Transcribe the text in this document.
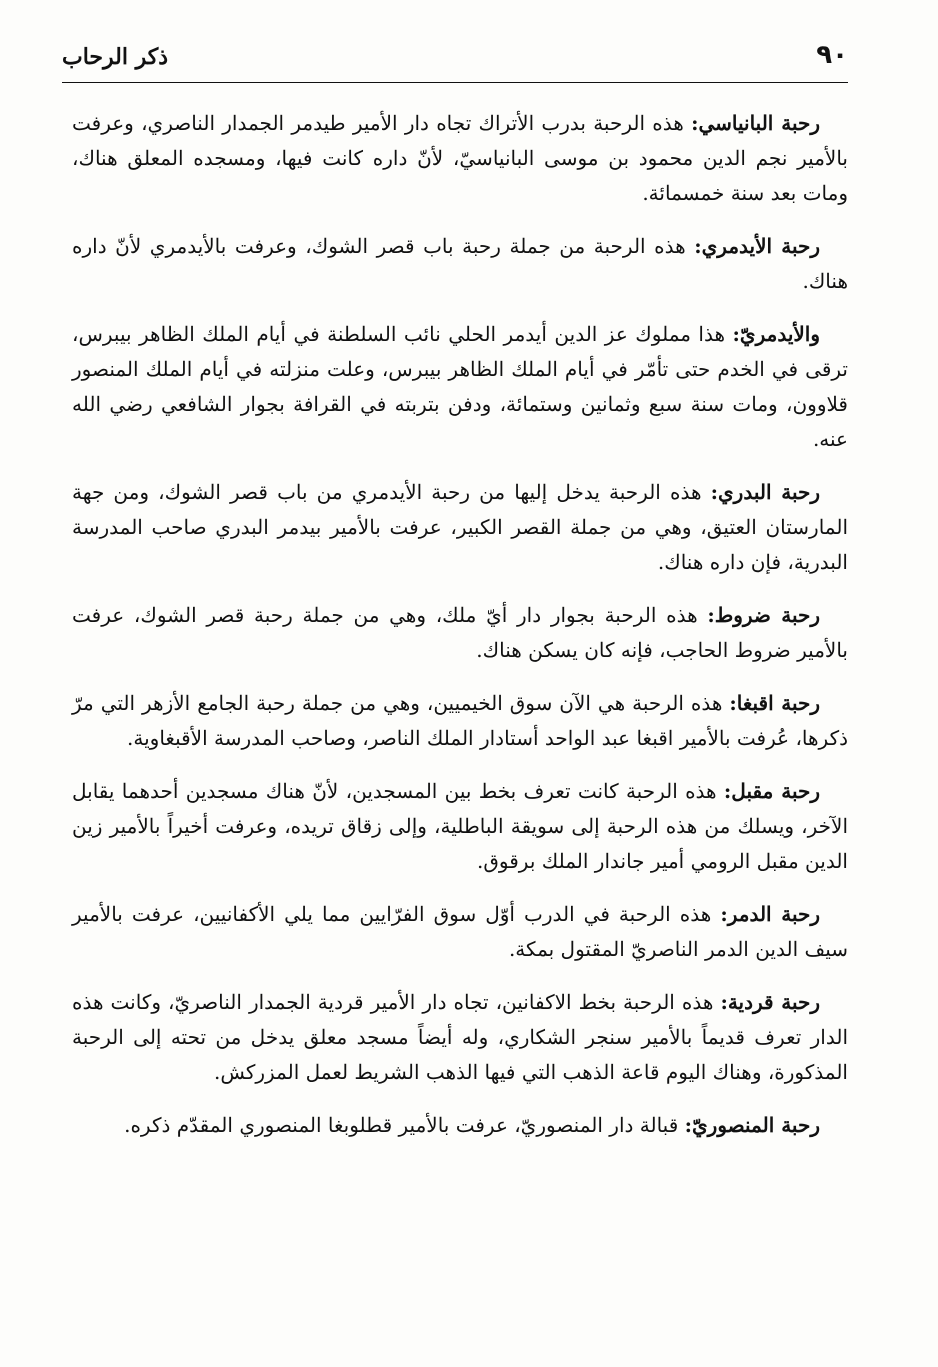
٩٠
ذكر الرحاب

رحبة البانياسي: هذه الرحبة بدرب الأتراك تجاه دار الأمير طيدمر الجمدار الناصري، وعرفت بالأمير نجم الدين محمود بن موسى البانياسيّ، لأنّ داره كانت فيها، ومسجده المعلق هناك، ومات بعد سنة خمسمائة.

رحبة الأيدمري: هذه الرحبة من جملة رحبة باب قصر الشوك، وعرفت بالأيدمري لأنّ داره هناك.

والأيدمريّ: هذا مملوك عز الدين أيدمر الحلي نائب السلطنة في أيام الملك الظاهر بيبرس، ترقى في الخدم حتى تأمّر في أيام الملك الظاهر بيبرس، وعلت منزلته في أيام الملك المنصور قلاوون، ومات سنة سبع وثمانين وستمائة، ودفن بتربته في القرافة بجوار الشافعي رضي الله عنه.

رحبة البدري: هذه الرحبة يدخل إليها من رحبة الأيدمري من باب قصر الشوك، ومن جهة المارستان العتيق، وهي من جملة القصر الكبير، عرفت بالأمير بيدمر البدري صاحب المدرسة البدرية، فإن داره هناك.

رحبة ضروط: هذه الرحبة بجوار دار أيّ ملك، وهي من جملة رحبة قصر الشوك، عرفت بالأمير ضروط الحاجب، فإنه كان يسكن هناك.

رحبة اقبغا: هذه الرحبة هي الآن سوق الخيميين، وهي من جملة رحبة الجامع الأزهر التي مرّ ذكرها، عُرفت بالأمير اقبغا عبد الواحد أستادار الملك الناصر، وصاحب المدرسة الأقبغاوية.

رحبة مقبل: هذه الرحبة كانت تعرف بخط بين المسجدين، لأنّ هناك مسجدين أحدهما يقابل الآخر، ويسلك من هذه الرحبة إلى سويقة الباطلية، وإلى زقاق تريده، وعرفت أخيراً بالأمير زين الدين مقبل الرومي أمير جاندار الملك برقوق.

رحبة الدمر: هذه الرحبة في الدرب أوّل سوق الفرّايين مما يلي الأكفانيين، عرفت بالأمير سيف الدين الدمر الناصريّ المقتول بمكة.

رحبة قردية: هذه الرحبة بخط الاكفانين، تجاه دار الأمير قردية الجمدار الناصريّ، وكانت هذه الدار تعرف قديماً بالأمير سنجر الشكاري، وله أيضاً مسجد معلق يدخل من تحته إلى الرحبة المذكورة، وهناك اليوم قاعة الذهب التي فيها الذهب الشريط لعمل المزركش.

رحبة المنصوريّ: قبالة دار المنصوريّ، عرفت بالأمير قطلوبغا المنصوري المقدّم ذكره.
